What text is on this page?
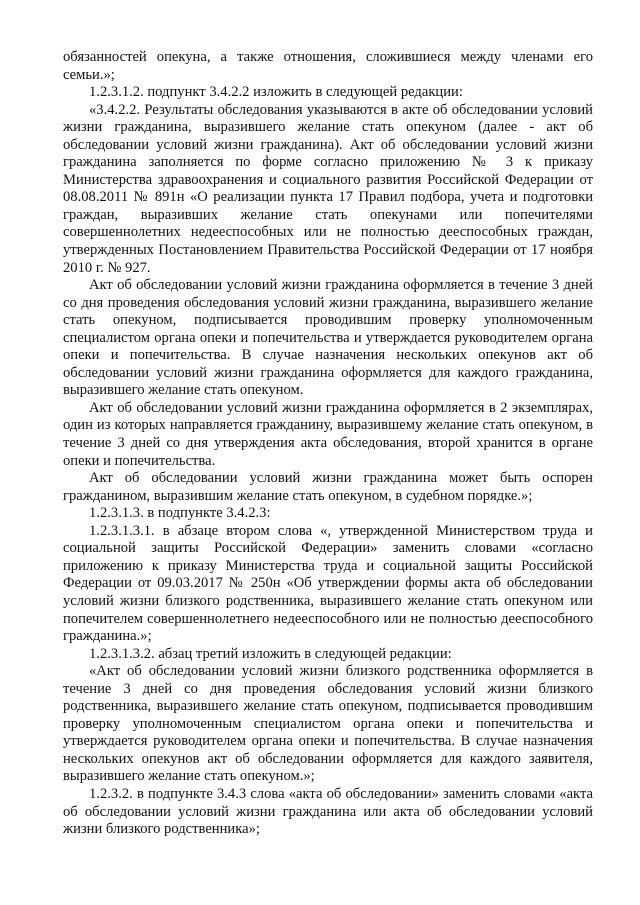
обязанностей опекуна, а также отношения, сложившиеся между членами его семьи.»;

1.2.3.1.2. подпункт 3.4.2.2 изложить в следующей редакции:

«3.4.2.2. Результаты обследования указываются в акте об обследовании условий жизни гражданина, выразившего желание стать опекуном (далее - акт об обследовании условий жизни гражданина). Акт об обследовании условий жизни гражданина заполняется по форме согласно приложению № 3 к приказу Министерства здравоохранения и социального развития Российской Федерации от 08.08.2011 № 891н «О реализации пункта 17 Правил подбора, учета и подготовки граждан, выразивших желание стать опекунами или попечителями совершеннолетних недееспособных или не полностью дееспособных граждан, утвержденных Постановлением Правительства Российской Федерации от 17 ноября 2010 г. № 927.

Акт об обследовании условий жизни гражданина оформляется в течение 3 дней со дня проведения обследования условий жизни гражданина, выразившего желание стать опекуном, подписывается проводившим проверку уполномоченным специалистом органа опеки и попечительства и утверждается руководителем органа опеки и попечительства. В случае назначения нескольких опекунов акт об обследовании условий жизни гражданина оформляется для каждого гражданина, выразившего желание стать опекуном.

Акт об обследовании условий жизни гражданина оформляется в 2 экземплярах, один из которых направляется гражданину, выразившему желание стать опекуном, в течение 3 дней со дня утверждения акта обследования, второй хранится в органе опеки и попечительства.

Акт об обследовании условий жизни гражданина может быть оспорен гражданином, выразившим желание стать опекуном, в судебном порядке.»;

1.2.3.1.3. в подпункте 3.4.2.3:

1.2.3.1.3.1. в абзаце втором слова «, утвержденной Министерством труда и социальной защиты Российской Федерации» заменить словами «согласно приложению к приказу Министерства труда и социальной защиты Российской Федерации от 09.03.2017 № 250н «Об утверждении формы акта об обследовании условий жизни близкого родственника, выразившего желание стать опекуном или попечителем совершеннолетнего недееспособного или не полностью дееспособного гражданина.»;

1.2.3.1.3.2. абзац третий изложить в следующей редакции:

«Акт об обследовании условий жизни близкого родственника оформляется в течение 3 дней со дня проведения обследования условий жизни близкого родственника, выразившего желание стать опекуном, подписывается проводившим проверку уполномоченным специалистом органа опеки и попечительства и утверждается руководителем органа опеки и попечительства. В случае назначения нескольких опекунов акт об обследовании оформляется для каждого заявителя, выразившего желание стать опекуном.»;

1.2.3.2. в подпункте 3.4.3 слова «акта об обследовании» заменить словами «акта об обследовании условий жизни гражданина или акта об обследовании условий жизни близкого родственника»;
